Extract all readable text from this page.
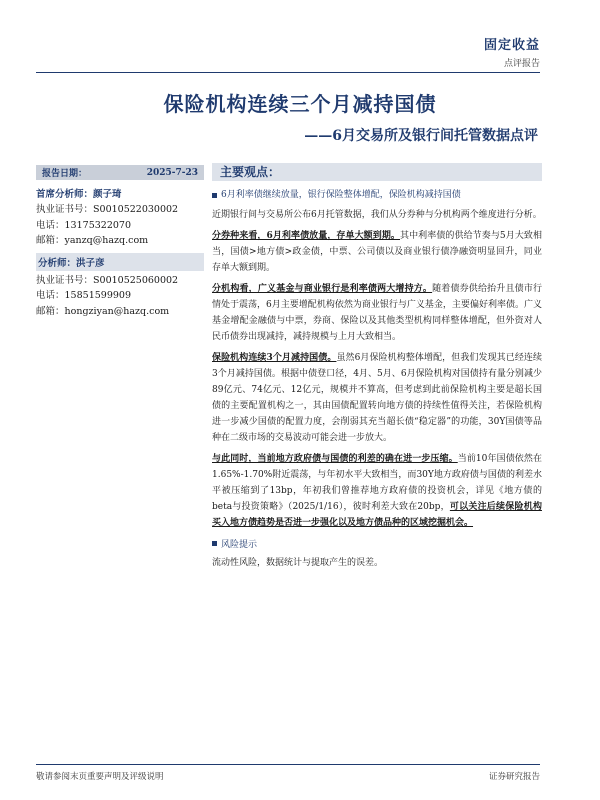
固定收益
点评报告
保险机构连续三个月减持国债
——6月交易所及银行间托管数据点评
报告日期：	2025-7-23
首席分析师：颜子琦
执业证书号：S0010522030002
电话：13175322070
邮箱：yanzq@hazq.com
分析师：洪子彦
执业证书号：S0010525060002
电话：15851599909
邮箱：hongziyan@hazq.com
主要观点：
6月利率债继续放量，银行保险整体增配，保险机构减持国债
近期银行间与交易所公布6月托管数据，我们从分券种与分机构两个维度进行分析。
分券种来看，6月利率债放量，存单大额到期。其中利率债的供给节奏与5月大致相当，国债>地方债>政金债，中票、公司债以及商业银行债净融资明显回升，同业存单大额到期。
分机构看，广义基金与商业银行是利率债两大增持方。随着债券供给抬升且债市行情处于震荡，6月主要增配机构依然为商业银行与广义基金，主要偏好利率债。广义基金增配金融债与中票，券商、保险以及其他类型机构同样整体增配，但外资对人民币债券出现减持，减持规模与上月大致相当。
保险机构连续3个月减持国债。虽然6月保险机构整体增配，但我们发现其已经连续3个月减持国债。根据中债登口径，4月、5月、6月保险机构对国债持有量分别减少89亿元、74亿元、12亿元，规模并不算高，但考虑到此前保险机构主要是超长国债的主要配置机构之一，其由国债配置转向地方债的持续性值得关注，若保险机构进一步减少国债的配置力度，会削弱其充当超长债“稳定器”的功能，30Y国债等品种在二级市场的交易波动可能会进一步放大。
与此同时，当前地方政府债与国债的利差的确在进一步压缩。当前10年国债依然在1.65%-1.70%附近震荡，与年初水平大致相当，而30Y地方政府债与国债的利差水平被压缩到了13bp，年初我们曾推荐地方政府债的投资机会，详见《地方债的beta与投资策略》（2025/1/16），彼时利差大致在20bp，可以关注后续保险机构买入地方债趋势是否进一步强化以及地方债品种的区域挖掘机会。
风险提示
流动性风险，数据统计与提取产生的误差。
敬请参阅末页重要声明及评级说明	证券研究报告
